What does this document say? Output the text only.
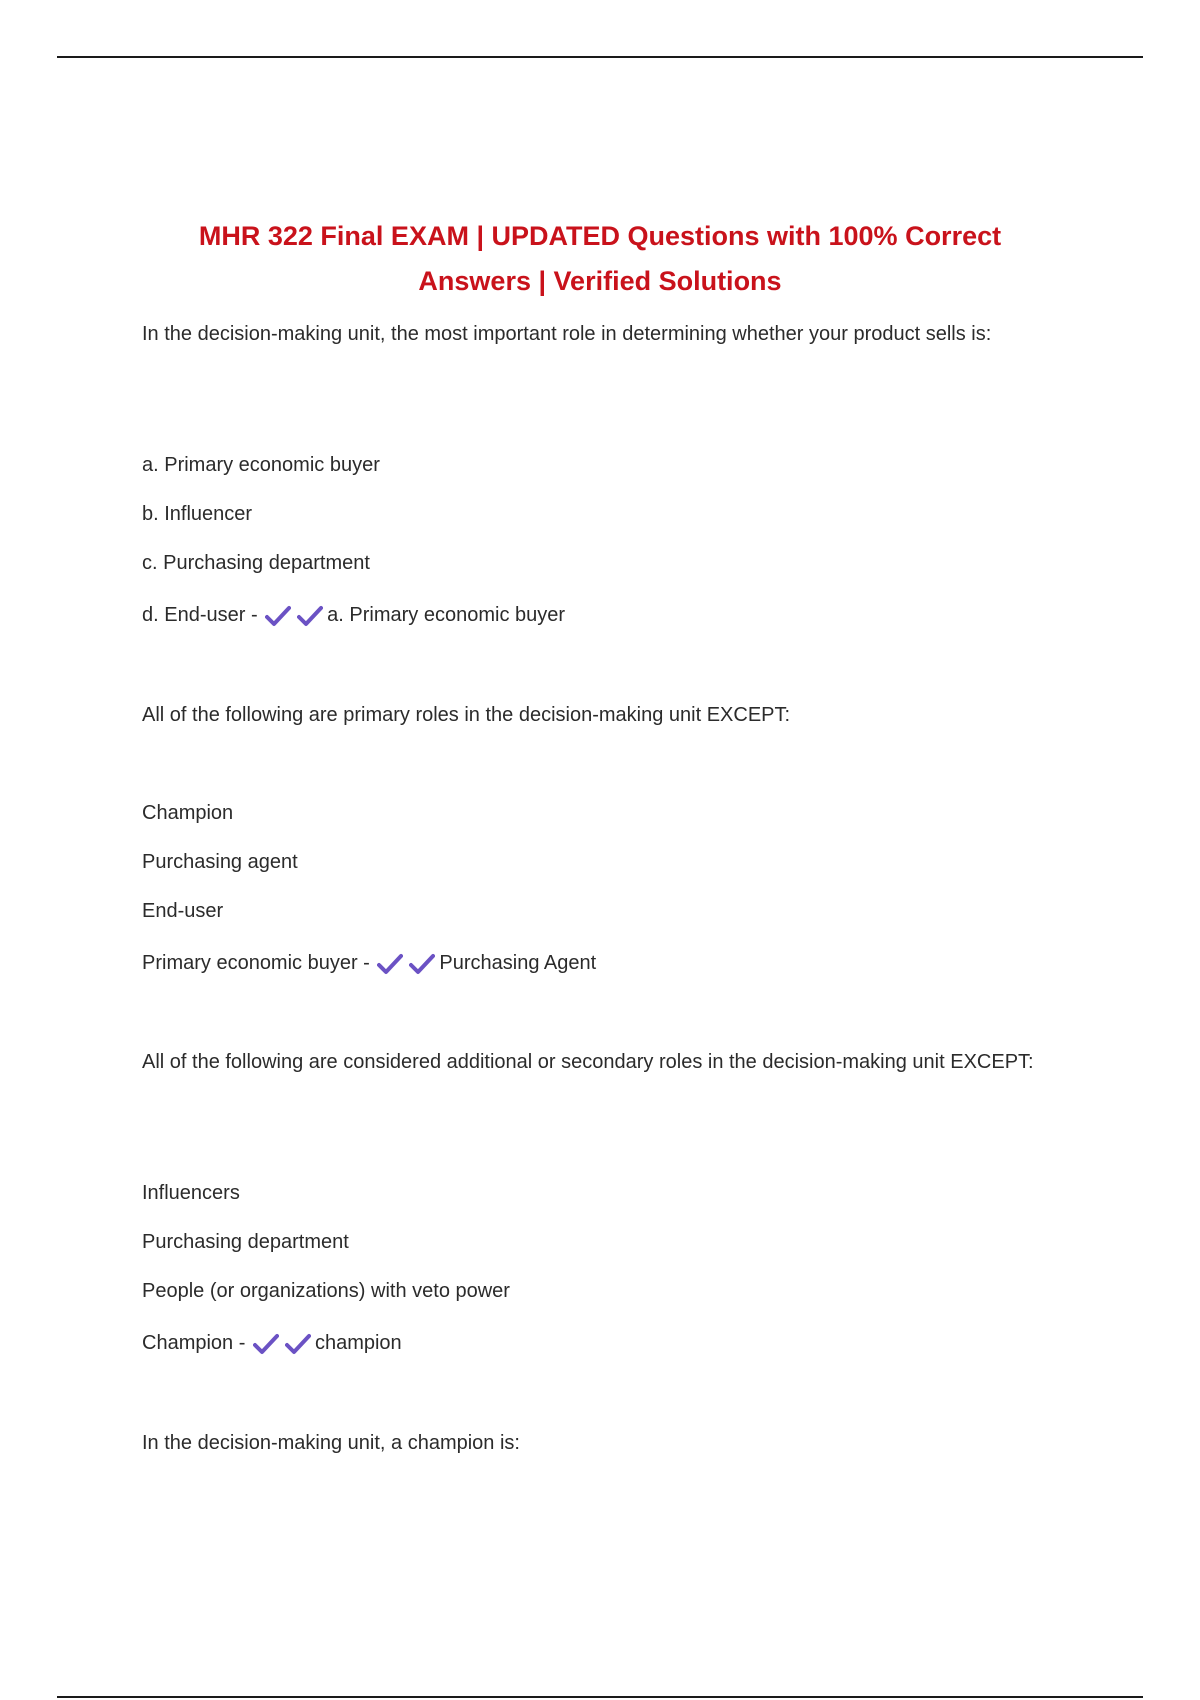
MHR 322 Final EXAM | UPDATED Questions with 100% Correct
Answers | Verified Solutions

In the decision-making unit, the most important role in determining whether your product sells is:

a. Primary economic buyer

b. Influencer

c. Purchasing department

d. End-user -	a. Primary economic buyer

All of the following are primary roles in the decision-making unit EXCEPT:

Champion

Purchasing agent

End-user

Primary economic buyer -	Purchasing Agent

All of the following are considered additional or secondary roles in the decision-making unit EXCEPT:

Influencers

Purchasing department

People (or organizations) with veto power

Champion -	champion

In the decision-making unit, a champion is:
